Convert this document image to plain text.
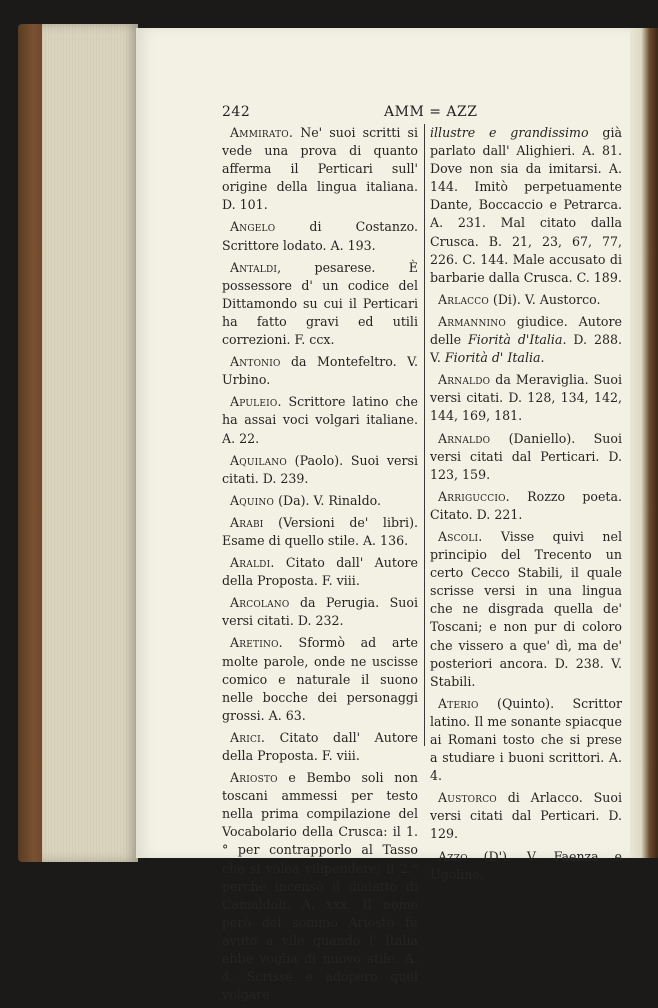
242	AMM = AZZ

Ammirato. Ne' suoi scritti si vede una prova di quanto afferma il Perticari sull' origine della lingua italiana. D. 101.

Angelo di Costanzo. Scrittore lodato. A. 193.

Antaldi, pesarese. È possessore d' un codice del Dittamondo su cui il Perticari ha fatto gravi ed utili correzioni. F. ccx.

Antonio da Montefeltro. V. Urbino.

Apuleio. Scrittore latino che ha assai voci volgari italiane. A. 22.

Aquilano (Paolo). Suoi versi citati. D. 239.

Aquino (Da). V. Rinaldo.

Arabi (Versioni de' libri). Esame di quello stile. A. 136.

Araldi. Citato dall' Autore della Proposta. F. viii.

Arcolano da Perugia. Suoi versi citati. D. 232.

Aretino. Sformò ad arte molte parole, onde ne uscisse comico e naturale il suono nelle bocche dei personaggi grossi. A. 63.

Arici. Citato dall' Autore della Proposta. F. viii.

Ariosto e Bembo soli non toscani ammessi per testo nella prima compilazione del Vocabolario della Crusca: il 1.° per contrapporlo al Tasso che si volea vilipendere; il 2.° perchè incensò il dialetto di Camaldoli. A. xxx. Il nome però del sommo Ariosto fu avuto a vile quando l' Italia ebbe voglia di nuovo stile. A. 4. Scrisse e adoperò quel volgare

illustre e grandissimo già parlato dall' Alighieri. A. 81. Dove non sia da imitarsi. A. 144. Imitò perpetuamente Dante, Boccaccio e Petrarca. A. 231. Mal citato dalla Crusca. B. 21, 23, 67, 77, 226. C. 144. Male accusato di barbarie dalla Crusca. C. 189.

Arlacco (Di). V. Austorco.

Armannino giudice. Autore delle Fiorità d'Italia. D. 288. V. Fiorità d' Italia.

Arnaldo da Meraviglia. Suoi versi citati. D. 128, 134, 142, 144, 169, 181.

Arnaldo (Daniello). Suoi versi citati dal Perticari. D. 123, 159.

Arriguccio. Rozzo poeta. Citato. D. 221.

Ascoli. Visse quivi nel principio del Trecento un certo Cecco Stabili, il quale scrisse versi in una lingua che ne disgrada quella de' Toscani; e non pur di coloro che vissero a que' dì, ma de' posteriori ancora. D. 238. V. Stabili.

Aterio (Quinto). Scrittor latino. Il me sonante spiacque ai Romani tosto che si prese a studiare i buoni scrittori. A. 4.

Austorco di Arlacco. Suoi versi citati dal Perticari. D. 129.

Azzo (D'). V. Faenza e Ugolino.
